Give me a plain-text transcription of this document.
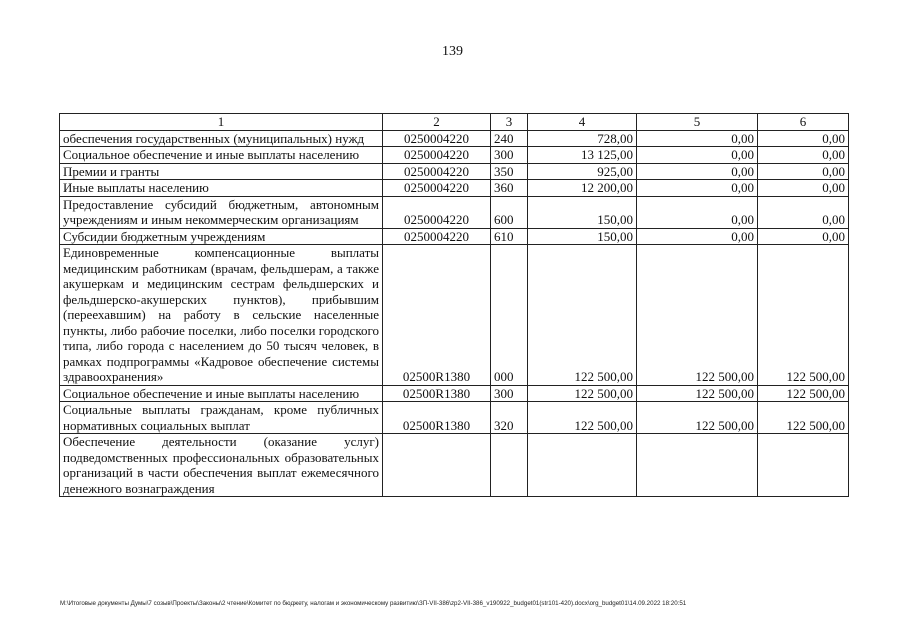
139
1	2	3	4	5	6
обеспечения государственных (муниципальных) нужд	0250004220	240	728,00	0,00	0,00
Социальное обеспечение и иные выплаты населению	0250004220	300	13 125,00	0,00	0,00
Премии и гранты	0250004220	350	925,00	0,00	0,00
Иные выплаты населению	0250004220	360	12 200,00	0,00	0,00
Предоставление субсидий бюджетным, автономным учреждениям и иным некоммерческим организациям	0250004220	600	150,00	0,00	0,00
Субсидии бюджетным учреждениям	0250004220	610	150,00	0,00	0,00
Единовременные компенсационные выплаты медицинским работникам (врачам, фельдшерам, а также акушеркам и медицинским сестрам фельдшерских и фельдшерско-акушерских пунктов), прибывшим (переехавшим) на работу в сельские населенные пункты, либо рабочие поселки, либо поселки городского типа, либо города с населением до 50 тысяч человек, в рамках подпрограммы «Кадровое обеспечение системы здравоохранения»	02500R1380	000	122 500,00	122 500,00	122 500,00
Социальное обеспечение и иные выплаты населению	02500R1380	300	122 500,00	122 500,00	122 500,00
Социальные выплаты гражданам, кроме публичных нормативных социальных выплат	02500R1380	320	122 500,00	122 500,00	122 500,00
Обеспечение деятельности (оказание услуг) подведомственных профессиональных образовательных организаций в части обеспечения выплат ежемесячного денежного вознаграждения					
M:\Итоговые документы Думы\7 созыв\Проекты\Законы\2 чтение\Комитет по бюджету, налогам и экономическому развитию\ЗП-VII-386\zp2-VII-386_v190922_budget01(str101-420).docx\org_budget01\14.09.2022 18:20:51
